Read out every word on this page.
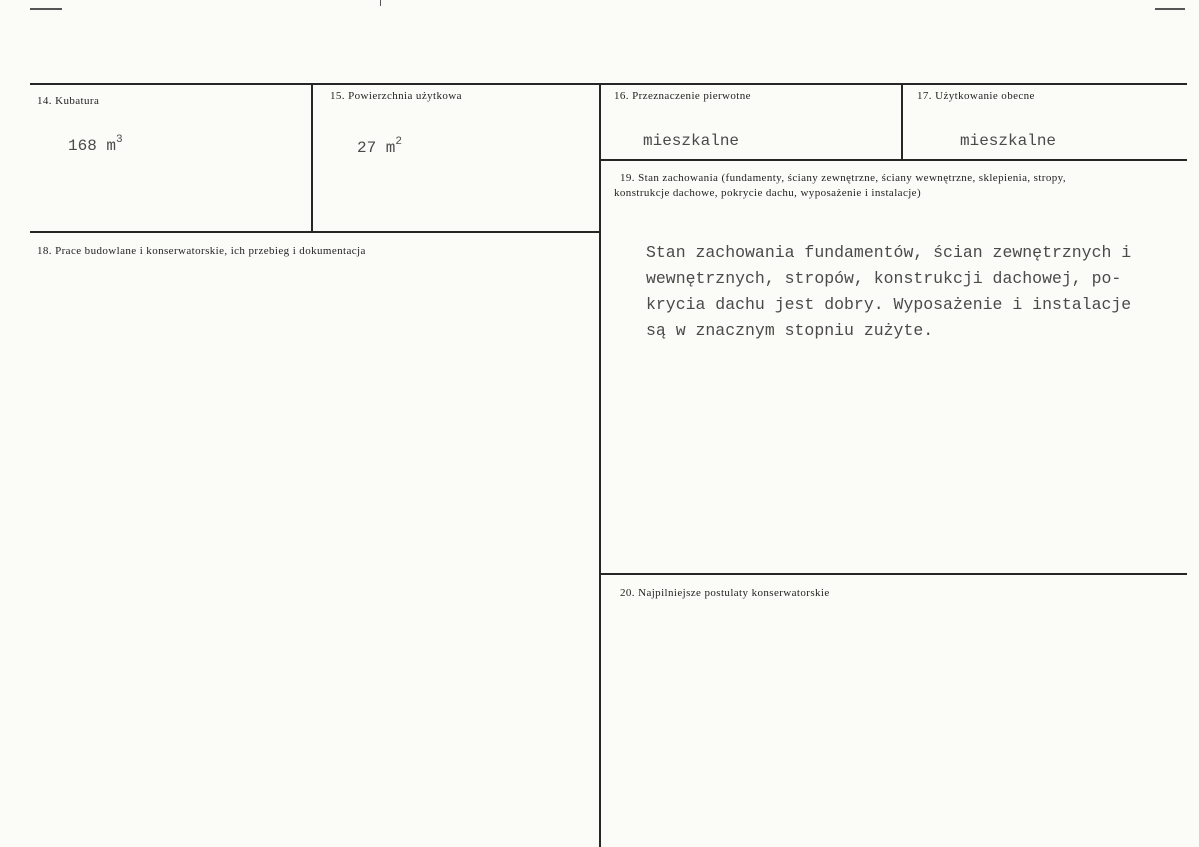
14. Kubatura
168 $m^3$
15. Powierzchnia użytkowa
27 $m^2$
16. Przeznaczenie pierwotne
mieszkalne
17. Użytkowanie obecne
mieszkalne
18. Prace budowlane i konserwatorskie, ich przebieg i dokumentacja
19. Stan zachowania (fundamenty, ściany zewnętrzne, ściany wewnętrzne, sklepienia, stropy,
konstrukcje dachowe, pokrycie dachu, wyposażenie i instalacje)

Stan zachowania fundamentów, ścian zewnętrznych i
wewnętrznych, stropów, konstrukcji dachowej, po-
krycia dachu jest dobry. Wyposażenie i instalacje
są w znacznym stopniu zużyte.

20. Najpilniejsze postulaty konserwatorskie
